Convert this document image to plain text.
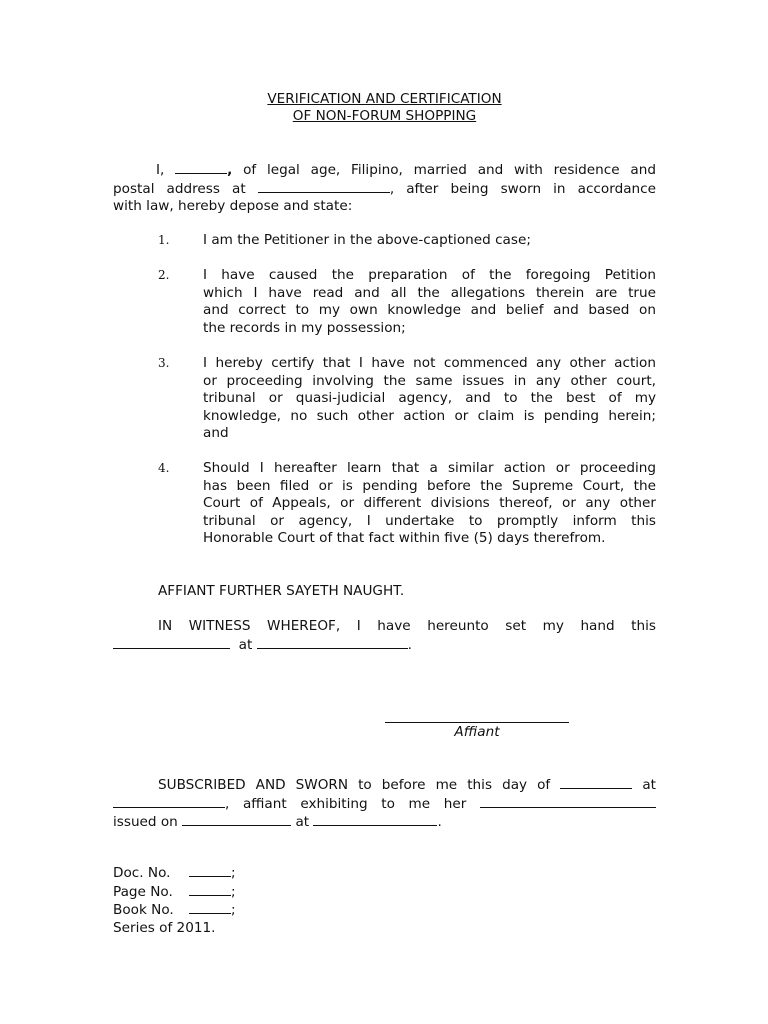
VERIFICATION AND CERTIFICATION
OF NON-FORUM SHOPPING

I,	, of legal age, Filipino, married and with residence and

postal address at	, after being sworn in accordance

with law, hereby depose and state:

1. I am the Petitioner in the above-captioned case;

2. I have caused the preparation of the foregoing Petition

which I have read and all the allegations therein are true

and correct to my own knowledge and belief and based on

the records in my possession;

3. I hereby certify that I have not commenced any other action

or proceeding involving the same issues in any other court,

tribunal or quasi-judicial agency, and to the best of my

knowledge, no such other action or claim is pending herein;

and

4. Should I hereafter learn that a similar action or proceeding

has been filed or is pending before the Supreme Court, the

Court of Appeals, or different divisions thereof, or any other

tribunal or agency, I undertake to promptly inform this

Honorable Court of that fact within five (5) days therefrom.

AFFIANT FURTHER SAYETH NAUGHT.

IN WITNESS WHEREOF, I have hereunto set my hand this

at	.

Affiant

SUBSCRIBED AND SWORN to before me this day of	at

, affiant exhibiting to me her

issued on	at	.

Doc. No.	;
Page No.	;
Book No.	;
Series of 2011.
